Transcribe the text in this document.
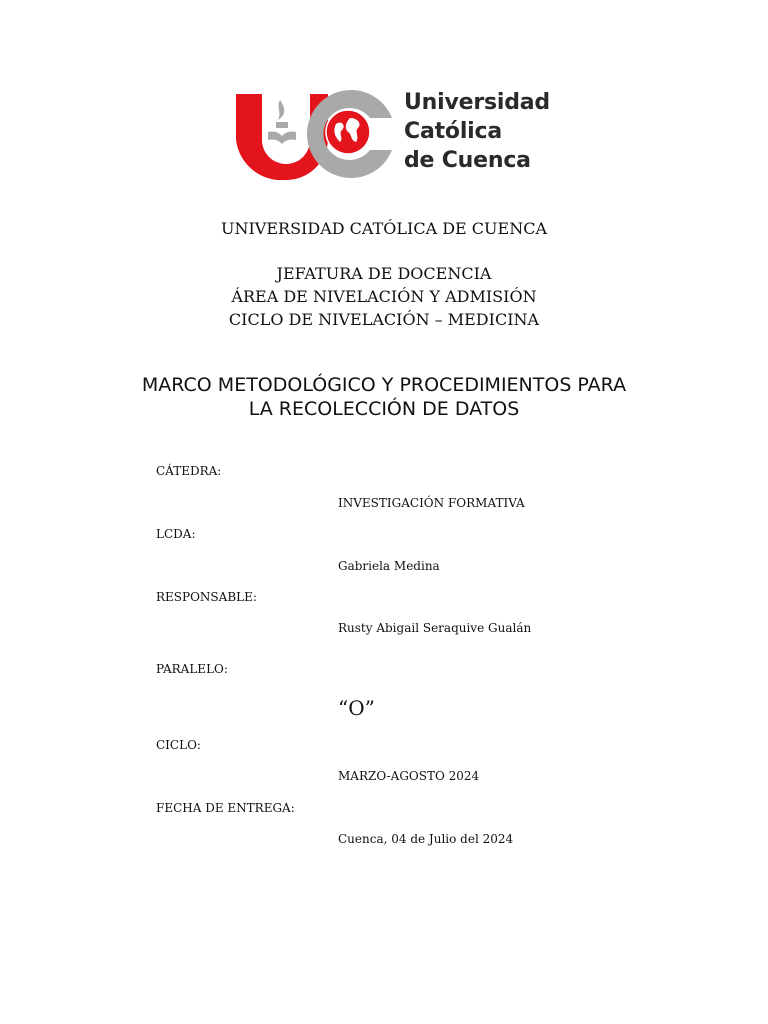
Universidad
Católica
de Cuenca
UNIVERSIDAD CATÓLICA DE CUENCA
JEFATURA DE DOCENCIA
ÁREA DE NIVELACIÓN Y ADMISIÓN
CICLO DE NIVELACIÓN – MEDICINA
MARCO METODOLÓGICO Y PROCEDIMIENTOS PARA
LA RECOLECCIÓN DE DATOS
CÁTEDRA:
INVESTIGACIÓN FORMATIVA
LCDA:
Gabriela Medina
RESPONSABLE:
Rusty Abigail Seraquive Gualán
PARALELO:
“O”
CICLO:
MARZO-AGOSTO 2024
FECHA DE ENTREGA:
Cuenca, 04 de Julio del 2024
